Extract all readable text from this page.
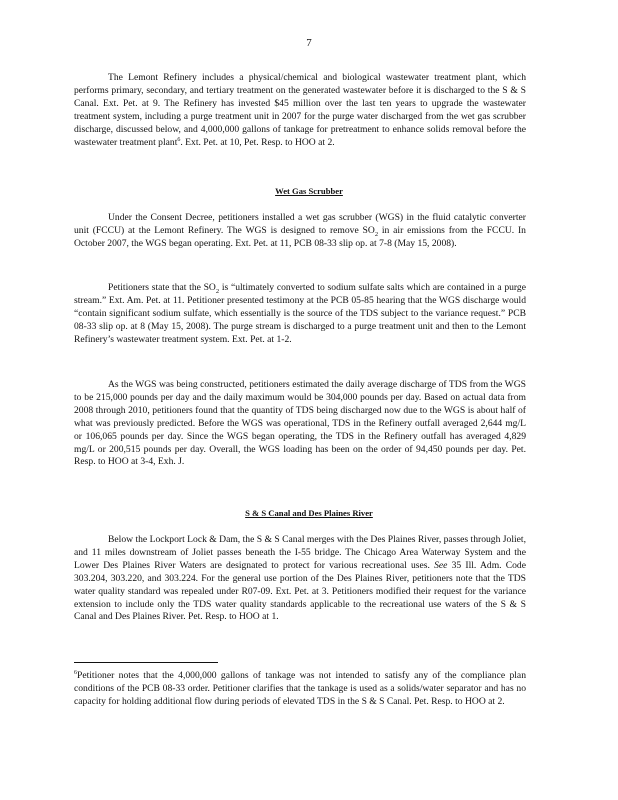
7

The Lemont Refinery includes a physical/chemical and biological wastewater treatment plant, which performs primary, secondary, and tertiary treatment on the generated wastewater before it is discharged to the S & S Canal. Ext. Pet. at 9. The Refinery has invested $45 million over the last ten years to upgrade the wastewater treatment system, including a purge treatment unit in 2007 for the purge water discharged from the wet gas scrubber discharge, discussed below, and 4,000,000 gallons of tankage for pretreatment to enhance solids removal before the wastewater treatment plant$^6$. Ext. Pet. at 10, Pet. Resp. to HOO at 2.

Wet Gas Scrubber

Under the Consent Decree, petitioners installed a wet gas scrubber (WGS) in the fluid catalytic converter unit (FCCU) at the Lemont Refinery. The WGS is designed to remove $SO_2$ in air emissions from the FCCU. In October 2007, the WGS began operating. Ext. Pet. at 11, PCB 08-33 slip op. at 7-8 (May 15, 2008).

Petitioners state that the $SO_2$ is “ultimately converted to sodium sulfate salts which are contained in a purge stream.” Ext. Am. Pet. at 11. Petitioner presented testimony at the PCB 05-85 hearing that the WGS discharge would “contain significant sodium sulfate, which essentially is the source of the TDS subject to the variance request.” PCB 08-33 slip op. at 8 (May 15, 2008). The purge stream is discharged to a purge treatment unit and then to the Lemont Refinery’s wastewater treatment system. Ext. Pet. at 1-2.

As the WGS was being constructed, petitioners estimated the daily average discharge of TDS from the WGS to be 215,000 pounds per day and the daily maximum would be 304,000 pounds per day. Based on actual data from 2008 through 2010, petitioners found that the quantity of TDS being discharged now due to the WGS is about half of what was previously predicted. Before the WGS was operational, TDS in the Refinery outfall averaged 2,644 mg/L or 106,065 pounds per day. Since the WGS began operating, the TDS in the Refinery outfall has averaged 4,829 mg/L or 200,515 pounds per day. Overall, the WGS loading has been on the order of 94,450 pounds per day. Pet. Resp. to HOO at 3-4, Exh. J.

S & S Canal and Des Plaines River

Below the Lockport Lock & Dam, the S & S Canal merges with the Des Plaines River, passes through Joliet, and 11 miles downstream of Joliet passes beneath the I-55 bridge. The Chicago Area Waterway System and the Lower Des Plaines River Waters are designated to protect for various recreational uses. See 35 Ill. Adm. Code 303.204, 303.220, and 303.224. For the general use portion of the Des Plaines River, petitioners note that the TDS water quality standard was repealed under R07-09. Ext. Pet. at 3. Petitioners modified their request for the variance extension to include only the TDS water quality standards applicable to the recreational use waters of the S & S Canal and Des Plaines River. Pet. Resp. to HOO at 1.

$^6$Petitioner notes that the 4,000,000 gallons of tankage was not intended to satisfy any of the compliance plan conditions of the PCB 08-33 order. Petitioner clarifies that the tankage is used as a solids/water separator and has no capacity for holding additional flow during periods of elevated TDS in the S & S Canal. Pet. Resp. to HOO at 2.
